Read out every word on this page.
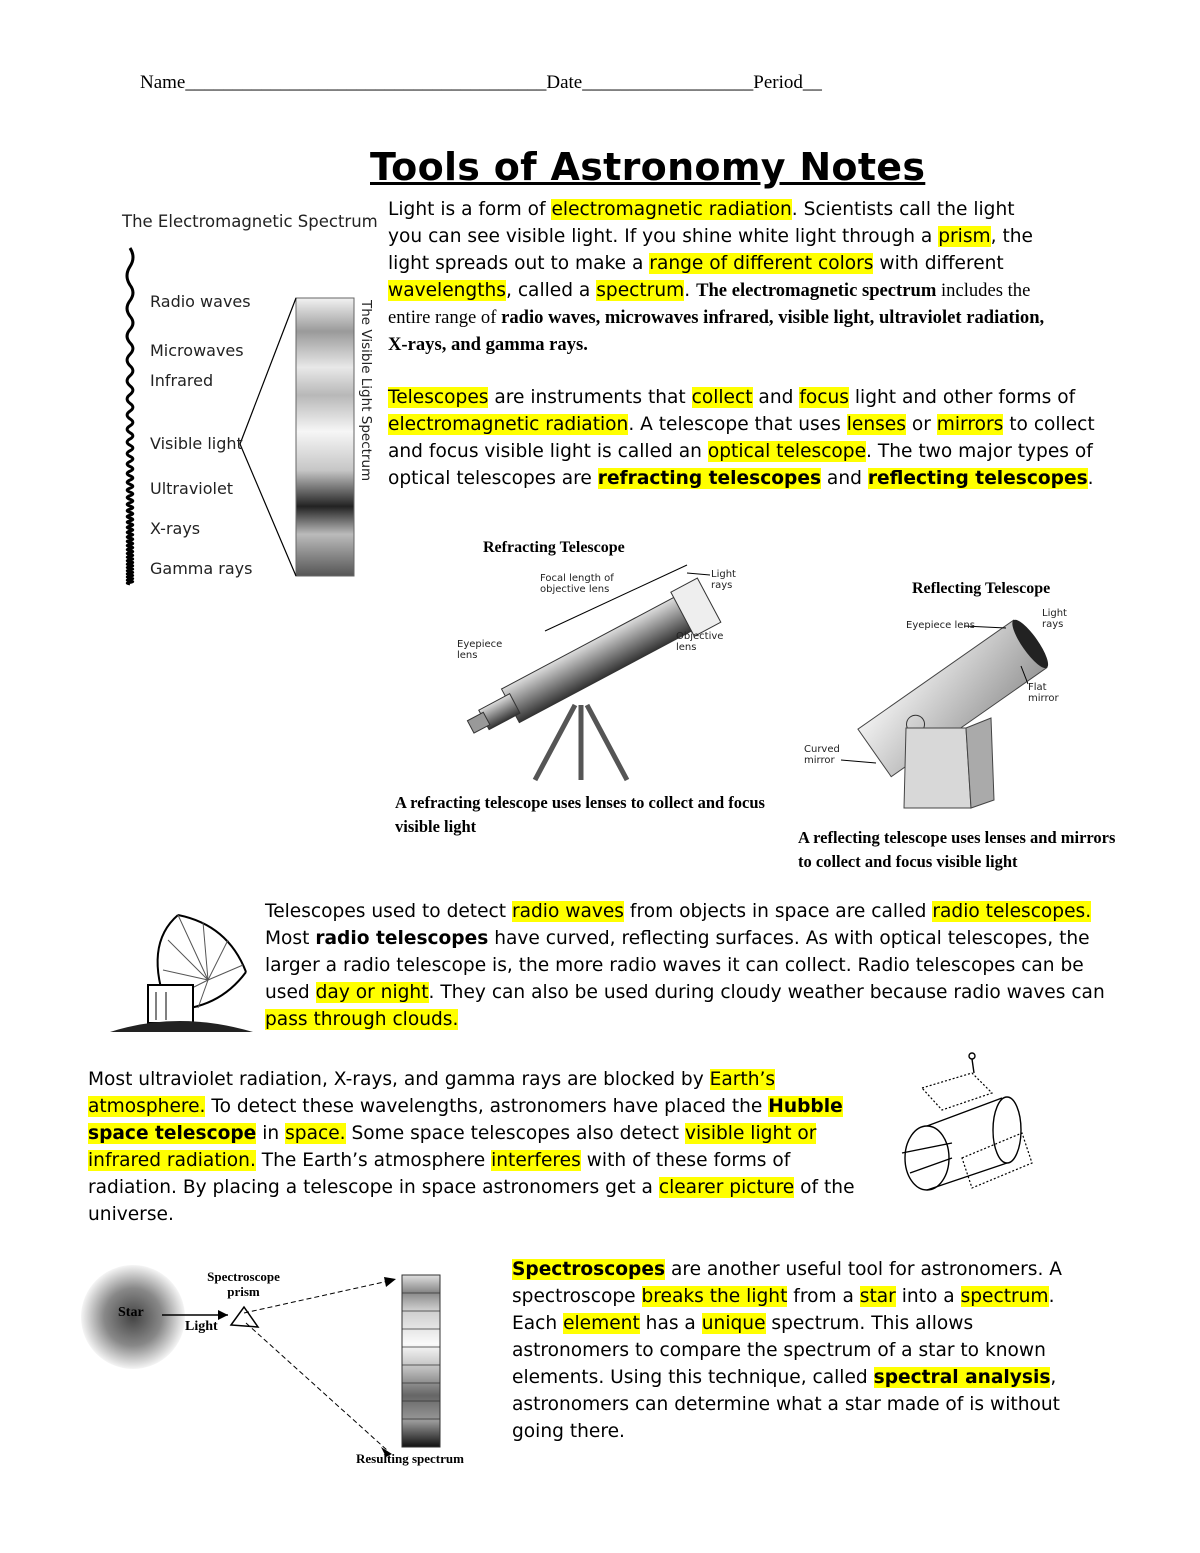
Name______________________________________Date__________________Period__
Tools of Astronomy Notes
The Electromagnetic Spectrum
Radio waves
Microwaves
Infrared
Visible light
Ultraviolet
X-rays
Gamma rays
The Visible Light Spectrum
Light is a form of electromagnetic radiation. Scientists call the light you can see visible light. If you shine white light through a prism, the light spreads out to make a range of different colors with different wavelengths, called a spectrum. The electromagnetic spectrum includes the entire range of radio waves, microwaves infrared, visible light, ultraviolet radiation, X-rays, and gamma rays.
Telescopes are instruments that collect and focus light and other forms of electromagnetic radiation. A telescope that uses lenses or mirrors to collect and focus visible light is called an optical telescope. The two major types of optical telescopes are refracting telescopes and reflecting telescopes.
Refracting Telescope
Focal length of objective lens
Light rays
Objective lens
Eyepiece lens
A refracting telescope uses lenses to collect and focus visible light
Reflecting Telescope
Eyepiece lens
Light rays
Flat mirror
Curved mirror
A reflecting telescope uses lenses and mirrors to collect and focus visible light
Telescopes used to detect radio waves from objects in space are called radio telescopes. Most radio telescopes have curved, reflecting surfaces. As with optical telescopes, the larger a radio telescope is, the more radio waves it can collect. Radio telescopes can be used day or night. They can also be used during cloudy weather because radio waves can pass through clouds.
Most ultraviolet radiation, X-rays, and gamma rays are blocked by Earth’s atmosphere. To detect these wavelengths, astronomers have placed the Hubble space telescope in space. Some space telescopes also detect visible light or infrared radiation. The Earth’s atmosphere interferes with of these forms of radiation. By placing a telescope in space astronomers get a clearer picture of the universe.
Star
Light
Spectroscope prism
Resulting spectrum
Spectroscopes are another useful tool for astronomers. A spectroscope breaks the light from a star into a spectrum. Each element has a unique spectrum. This allows astronomers to compare the spectrum of a star to known elements. Using this technique, called spectral analysis, astronomers can determine what a star made of is without going there.
